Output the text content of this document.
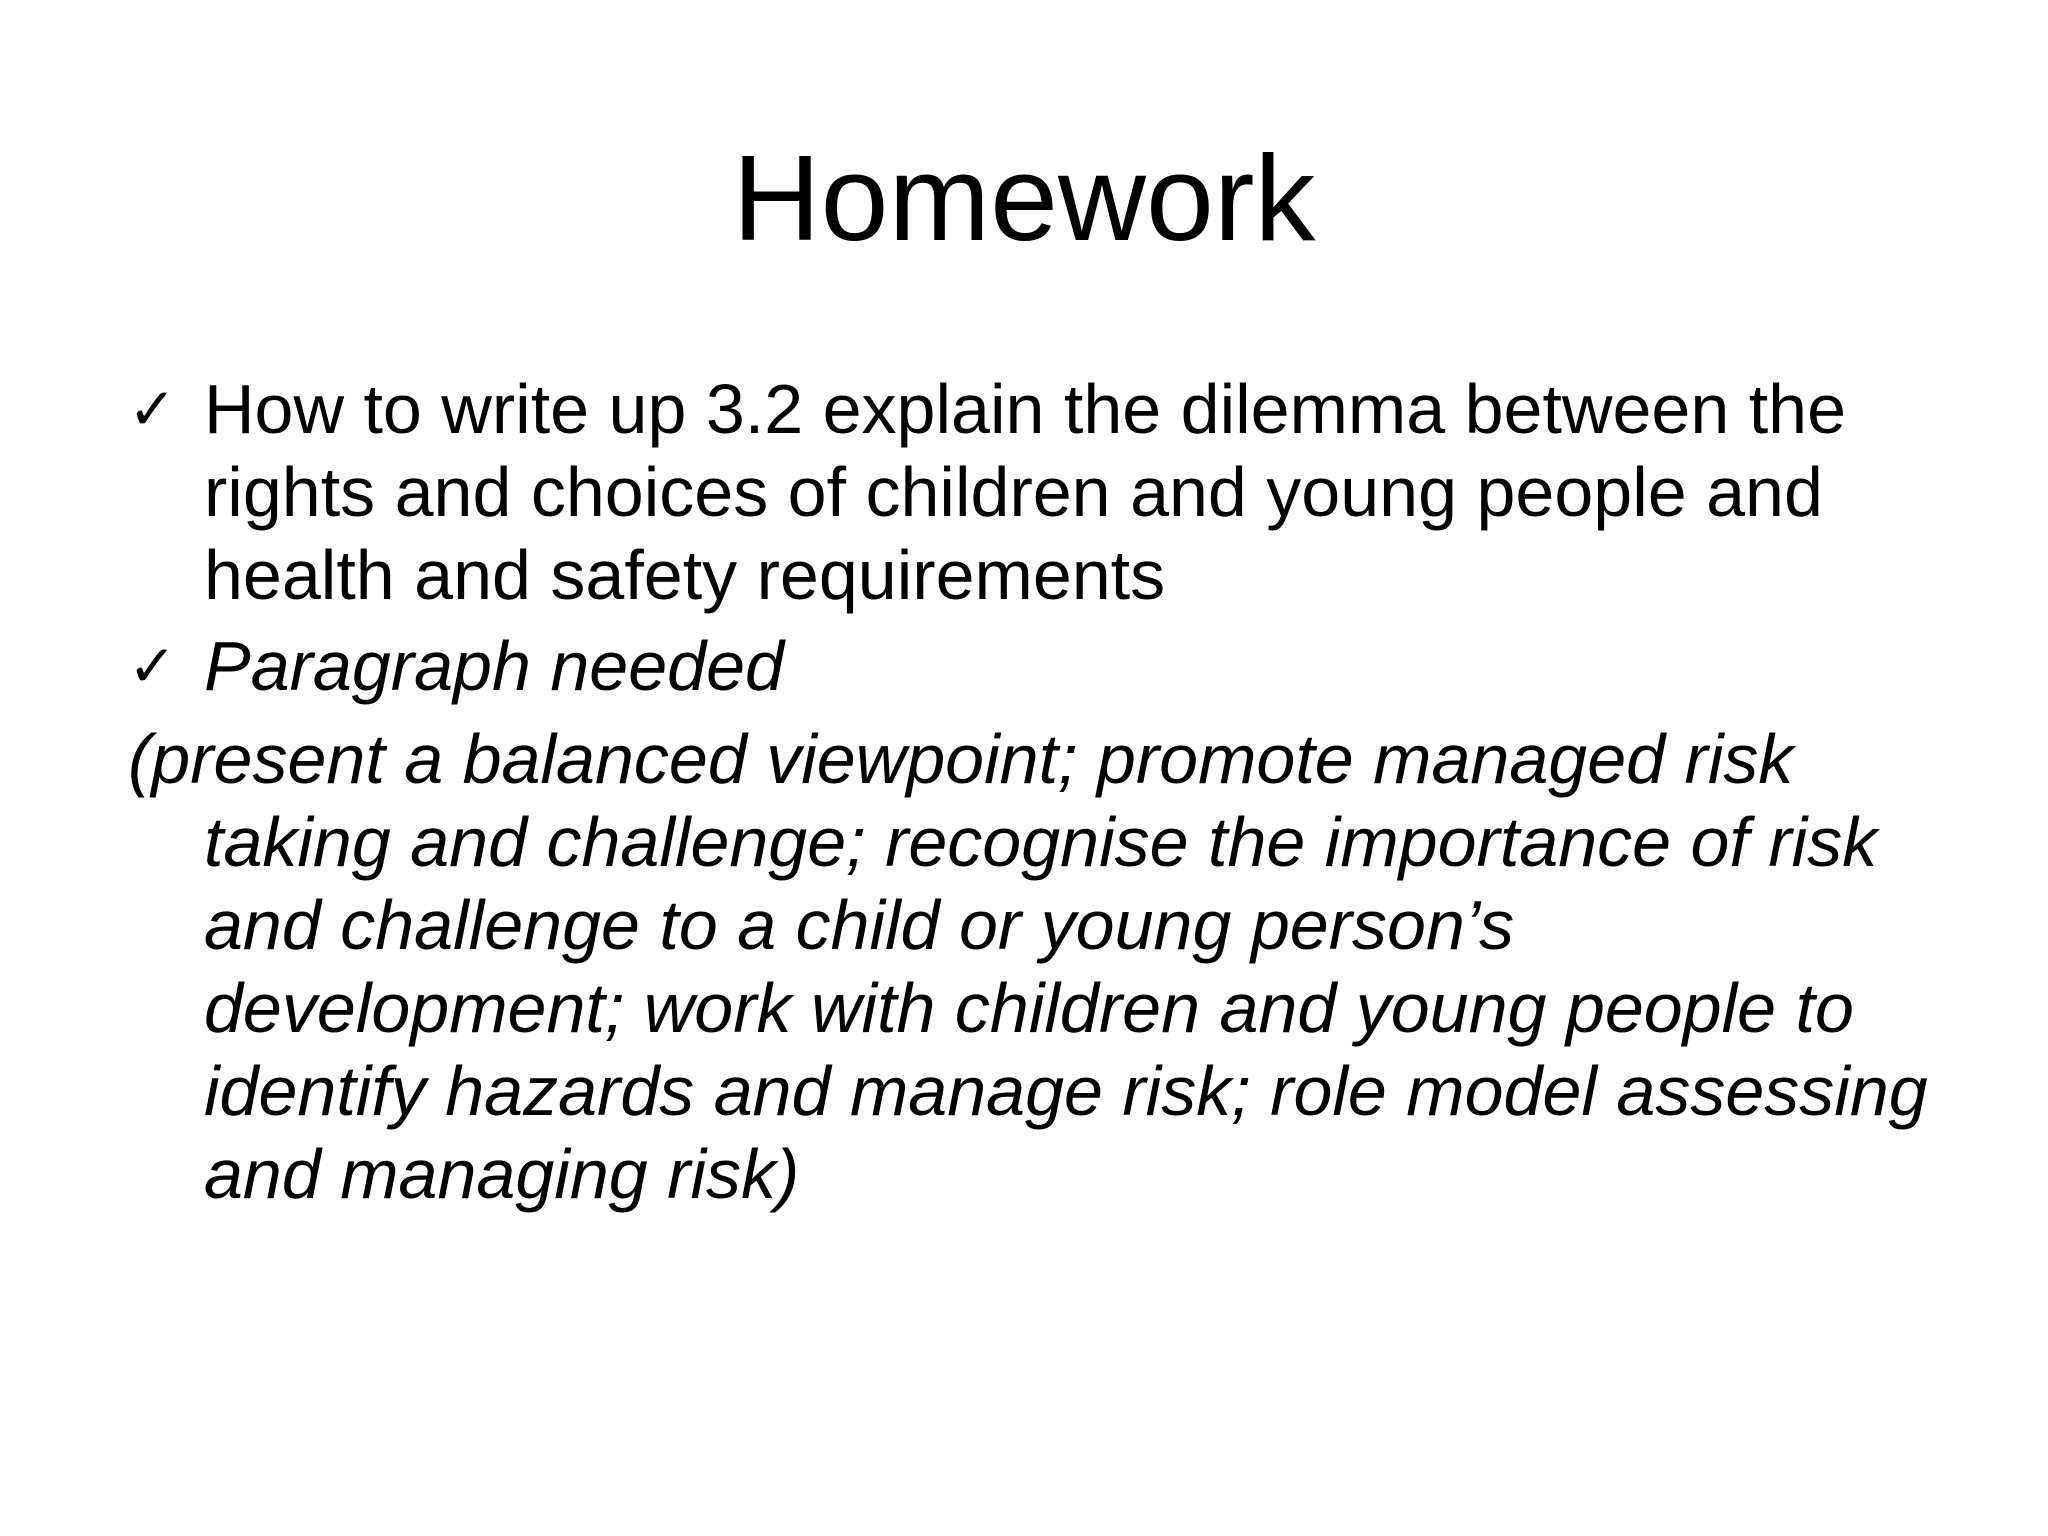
Homework
✓ How to write up 3.2 explain the dilemma between the rights and choices of children and young people and health and safety requirements
✓ Paragraph needed
(present a balanced viewpoint; promote managed risk taking and challenge; recognise the importance of risk and challenge to a child or young person’s development; work with children and young people to identify hazards and manage risk; role model assessing and managing risk)
